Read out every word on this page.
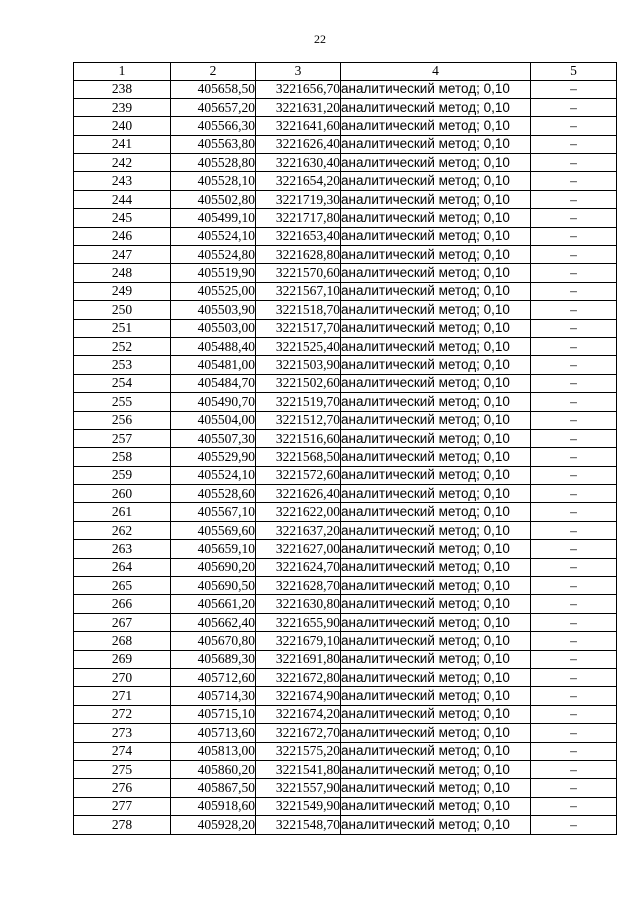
22
1	2	3	4	5
238	405658,50	3221656,70	аналитический метод; 0,10	–
239	405657,20	3221631,20	аналитический метод; 0,10	–
240	405566,30	3221641,60	аналитический метод; 0,10	–
241	405563,80	3221626,40	аналитический метод; 0,10	–
242	405528,80	3221630,40	аналитический метод; 0,10	–
243	405528,10	3221654,20	аналитический метод; 0,10	–
244	405502,80	3221719,30	аналитический метод; 0,10	–
245	405499,10	3221717,80	аналитический метод; 0,10	–
246	405524,10	3221653,40	аналитический метод; 0,10	–
247	405524,80	3221628,80	аналитический метод; 0,10	–
248	405519,90	3221570,60	аналитический метод; 0,10	–
249	405525,00	3221567,10	аналитический метод; 0,10	–
250	405503,90	3221518,70	аналитический метод; 0,10	–
251	405503,00	3221517,70	аналитический метод; 0,10	–
252	405488,40	3221525,40	аналитический метод; 0,10	–
253	405481,00	3221503,90	аналитический метод; 0,10	–
254	405484,70	3221502,60	аналитический метод; 0,10	–
255	405490,70	3221519,70	аналитический метод; 0,10	–
256	405504,00	3221512,70	аналитический метод; 0,10	–
257	405507,30	3221516,60	аналитический метод; 0,10	–
258	405529,90	3221568,50	аналитический метод; 0,10	–
259	405524,10	3221572,60	аналитический метод; 0,10	–
260	405528,60	3221626,40	аналитический метод; 0,10	–
261	405567,10	3221622,00	аналитический метод; 0,10	–
262	405569,60	3221637,20	аналитический метод; 0,10	–
263	405659,10	3221627,00	аналитический метод; 0,10	–
264	405690,20	3221624,70	аналитический метод; 0,10	–
265	405690,50	3221628,70	аналитический метод; 0,10	–
266	405661,20	3221630,80	аналитический метод; 0,10	–
267	405662,40	3221655,90	аналитический метод; 0,10	–
268	405670,80	3221679,10	аналитический метод; 0,10	–
269	405689,30	3221691,80	аналитический метод; 0,10	–
270	405712,60	3221672,80	аналитический метод; 0,10	–
271	405714,30	3221674,90	аналитический метод; 0,10	–
272	405715,10	3221674,20	аналитический метод; 0,10	–
273	405713,60	3221672,70	аналитический метод; 0,10	–
274	405813,00	3221575,20	аналитический метод; 0,10	–
275	405860,20	3221541,80	аналитический метод; 0,10	–
276	405867,50	3221557,90	аналитический метод; 0,10	–
277	405918,60	3221549,90	аналитический метод; 0,10	–
278	405928,20	3221548,70	аналитический метод; 0,10	–
